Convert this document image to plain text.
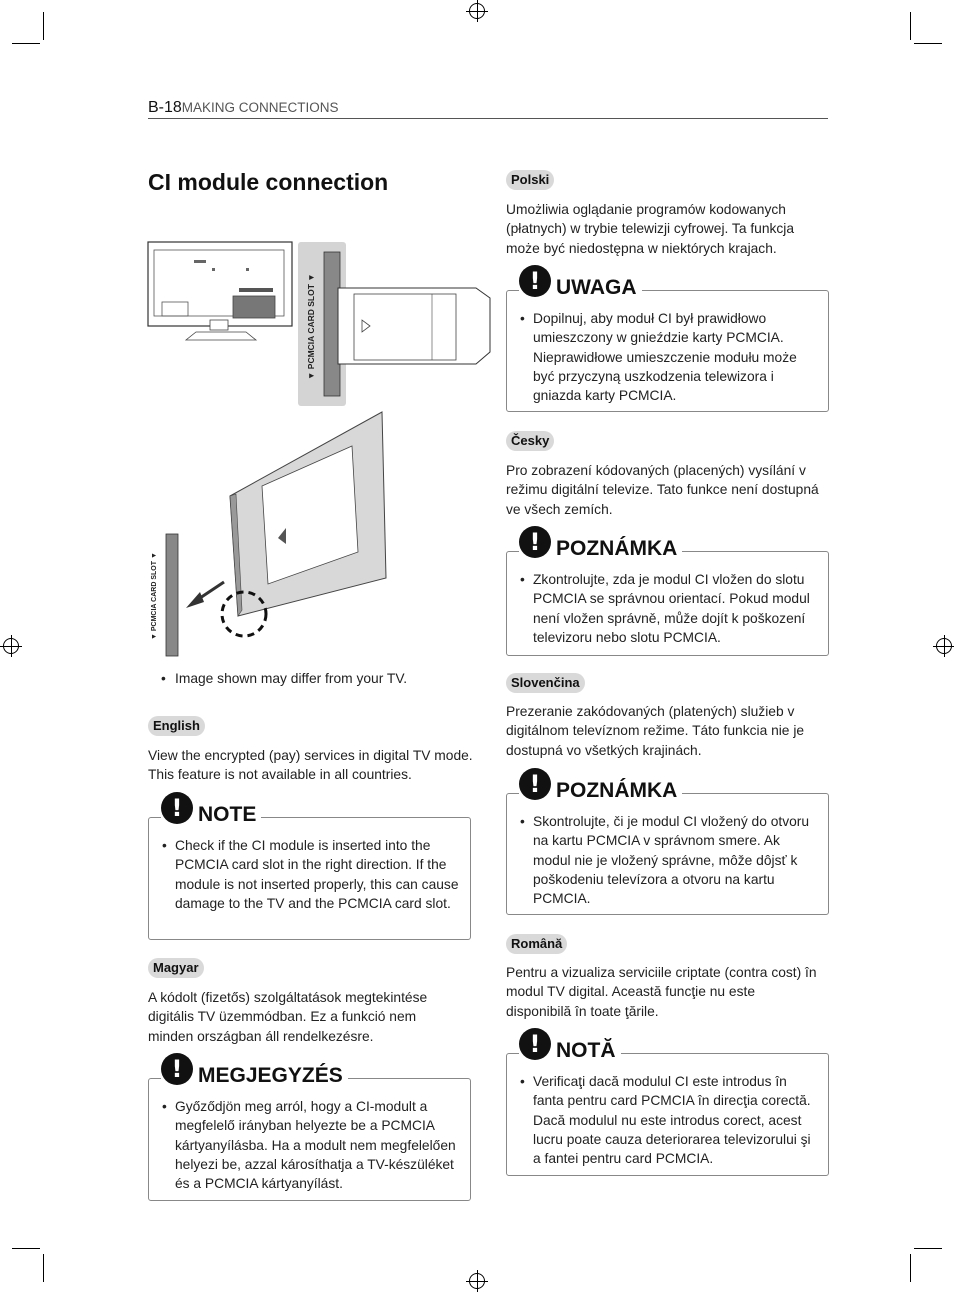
B-18MAKING CONNECTIONS
CI module connection
▼ PCMCIA CARD SLOT ▼
▼ PCMCIA CARD SLOT ▼
• Image shown may differ from your TV.
English
View the encrypted (pay) services in digital TV mode. This feature is not available in all countries.
! NOTE
• Check if the CI module is inserted into the PCMCIA card slot in the right direction. If the module is not inserted properly, this can cause damage to the TV and the PCMCIA card slot.
Magyar
A kódolt (fizetős) szolgáltatások megtekintése digitális TV üzemmódban. Ez a funkció nem minden országban áll rendelkezésre.
! MEGJEGYZÉS
• Győződjön meg arról, hogy a CI-modult a megfelelő irányban helyezte be a PCMCIA kártyanyílásba. Ha a modult nem megfelelően helyezi be, azzal károsíthatja a TV-készüléket és a PCMCIA kártyanyílást.
Polski
Umożliwia oglądanie programów kodowanych (płatnych) w trybie telewizji cyfrowej. Ta funkcja może być niedostępna w niektórych krajach.
! UWAGA
• Dopilnuj, aby moduł CI był prawidłowo umieszczony w gnieździe karty PCMCIA. Nieprawidłowe umieszczenie modułu może być przyczyną uszkodzenia telewizora i gniazda karty PCMCIA.
Česky
Pro zobrazení kódovaných (placených) vysílání v režimu digitální televize. Tato funkce není dostupná ve všech zemích.
! POZNÁMKA
• Zkontrolujte, zda je modul CI vložen do slotu PCMCIA se správnou orientací. Pokud modul není vložen správně, může dojít k poškození televizoru nebo slotu PCMCIA.
Slovenčina
Prezeranie zakódovaných (platených) služieb v digitálnom televíznom režime. Táto funkcia nie je dostupná vo všetkých krajinách.
! POZNÁMKA
• Skontrolujte, či je modul CI vložený do otvoru na kartu PCMCIA v správnom smere. Ak modul nie je vložený správne, môže dôjsť k poškodeniu televízora a otvoru na kartu PCMCIA.
Română
Pentru a vizualiza serviciile criptate (contra cost) în modul TV digital. Această funcţie nu este disponibilă în toate ţările.
! NOTĂ
• Verificaţi dacă modulul CI este introdus în fanta pentru card PCMCIA în direcţia corectă. Dacă modulul nu este introdus corect, acest lucru poate cauza deteriorarea televizorului şi a fantei pentru card PCMCIA.
